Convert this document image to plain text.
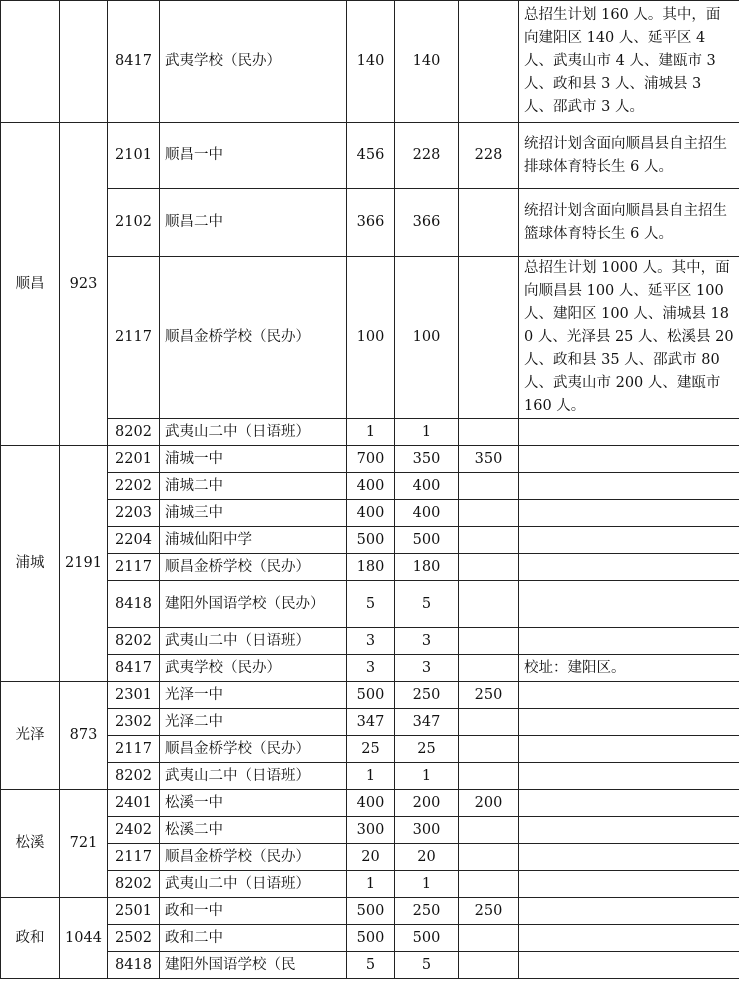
		8417	武夷学校（民办）	140	140		总招生计划 160 人。其中，面向建阳区 140 人、延平区 4 人、武夷山市 4 人、建瓯市 3 人、政和县 3 人、浦城县 3 人、邵武市 3 人。
顺昌	923	2101	顺昌一中	456	228	228	统招计划含面向顺昌县自主招生排球体育特长生 6 人。
		2102	顺昌二中	366	366		统招计划含面向顺昌县自主招生篮球体育特长生 6 人。
		2117	顺昌金桥学校（民办）	100	100		总招生计划 1000 人。其中，面向顺昌县 100 人、延平区 100 人、建阳区 100 人、浦城县 180 人、光泽县 25 人、松溪县 20 人、政和县 35 人、邵武市 80 人、武夷山市 200 人、建瓯市 160 人。
		8202	武夷山二中（日语班）	1	1		
浦城	2191	2201	浦城一中	700	350	350	
		2202	浦城二中	400	400		
		2203	浦城三中	400	400		
		2204	浦城仙阳中学	500	500		
		2117	顺昌金桥学校（民办）	180	180		
		8418	建阳外国语学校（民办）	5	5		
		8202	武夷山二中（日语班）	3	3		
		8417	武夷学校（民办）	3	3		校址：建阳区。
光泽	873	2301	光泽一中	500	250	250	
		2302	光泽二中	347	347		
		2117	顺昌金桥学校（民办）	25	25		
		8202	武夷山二中（日语班）	1	1		
松溪	721	2401	松溪一中	400	200	200	
		2402	松溪二中	300	300		
		2117	顺昌金桥学校（民办）	20	20		
		8202	武夷山二中（日语班）	1	1		
政和	1044	2501	政和一中	500	250	250	
		2502	政和二中	500	500		
		8418	建阳外国语学校（民	5	5		
